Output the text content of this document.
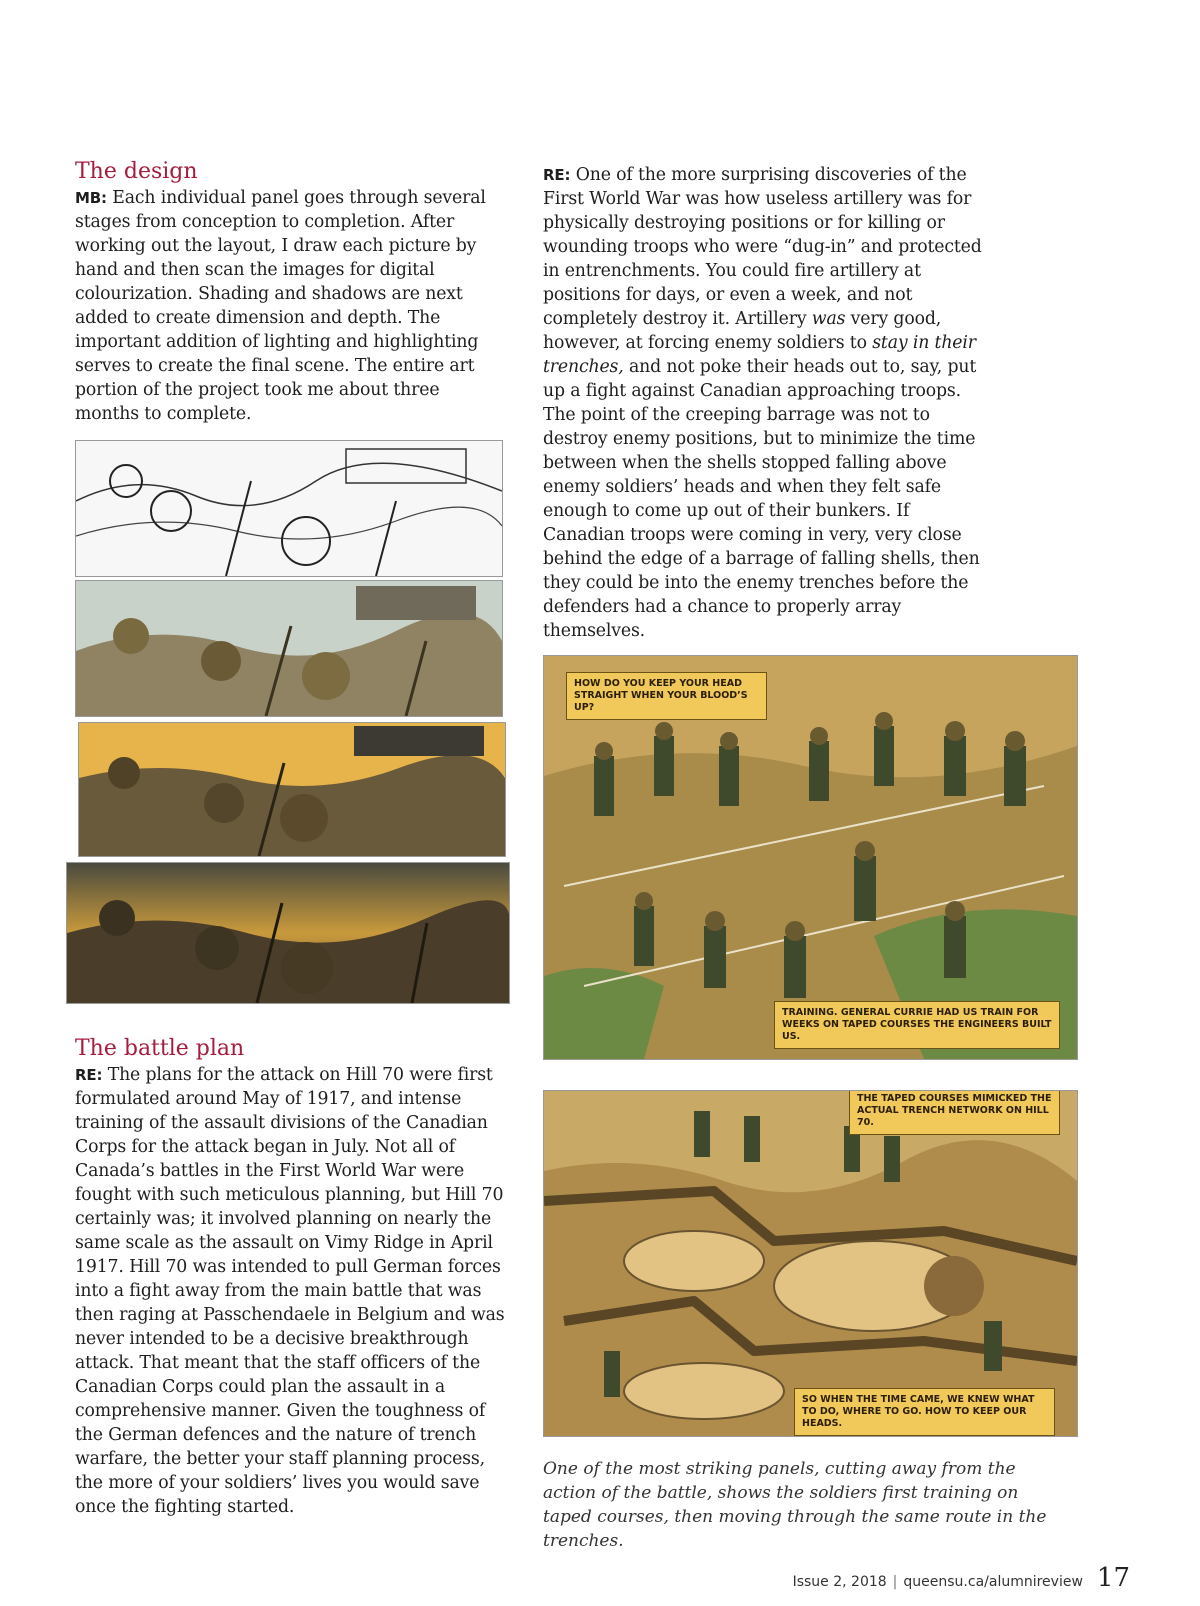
The design

MB: Each individual panel goes through several stages from conception to completion. After working out the layout, I draw each picture by hand and then scan the images for digital colourization. Shading and shadows are next added to create dimension and depth. The important addition of lighting and highlighting serves to create the final scene. The entire art portion of the project took me about three months to complete.

The battle plan

RE: The plans for the attack on Hill 70 were first formulated around May of 1917, and intense training of the assault divisions of the Canadian Corps for the attack began in July. Not all of Canada’s battles in the First World War were fought with such meticulous planning, but Hill 70 certainly was; it involved planning on nearly the same scale as the assault on Vimy Ridge in April 1917. Hill 70 was intended to pull German forces into a fight away from the main battle that was then raging at Passchendaele in Belgium and was never intended to be a decisive breakthrough attack. That meant that the staff officers of the Canadian Corps could plan the assault in a comprehensive manner. Given the toughness of the German defences and the nature of trench warfare, the better your staff planning process, the more of your soldiers’ lives you would save once the fighting started.

RE: One of the more surprising discoveries of the First World War was how useless artillery was for physically destroying positions or for killing or wounding troops who were “dug-in” and protected in entrenchments. You could fire artillery at positions for days, or even a week, and not completely destroy it. Artillery was very good, however, at forcing enemy soldiers to stay in their trenches, and not poke their heads out to, say, put up a fight against Canadian approaching troops. The point of the creeping barrage was not to destroy enemy positions, but to minimize the time between when the shells stopped falling above enemy soldiers’ heads and when they felt safe enough to come up out of their bunkers. If Canadian troops were coming in very, very close behind the edge of a barrage of falling shells, then they could be into the enemy trenches before the defenders had a chance to properly array themselves.

HOW DO YOU KEEP YOUR HEAD STRAIGHT WHEN YOUR BLOOD’S UP?
TRAINING. GENERAL CURRIE HAD US TRAIN FOR WEEKS ON TAPED COURSES THE ENGINEERS BUILT US.
THE TAPED COURSES MIMICKED THE ACTUAL TRENCH NETWORK ON HILL 70.
SO WHEN THE TIME CAME, WE KNEW WHAT TO DO, WHERE TO GO. HOW TO KEEP OUR HEADS.
One of the most striking panels, cutting away from the action of the battle, shows the soldiers first training on taped courses, then moving through the same route in the trenches.
Issue 2, 2018 | queensu.ca/alumnireview 17
